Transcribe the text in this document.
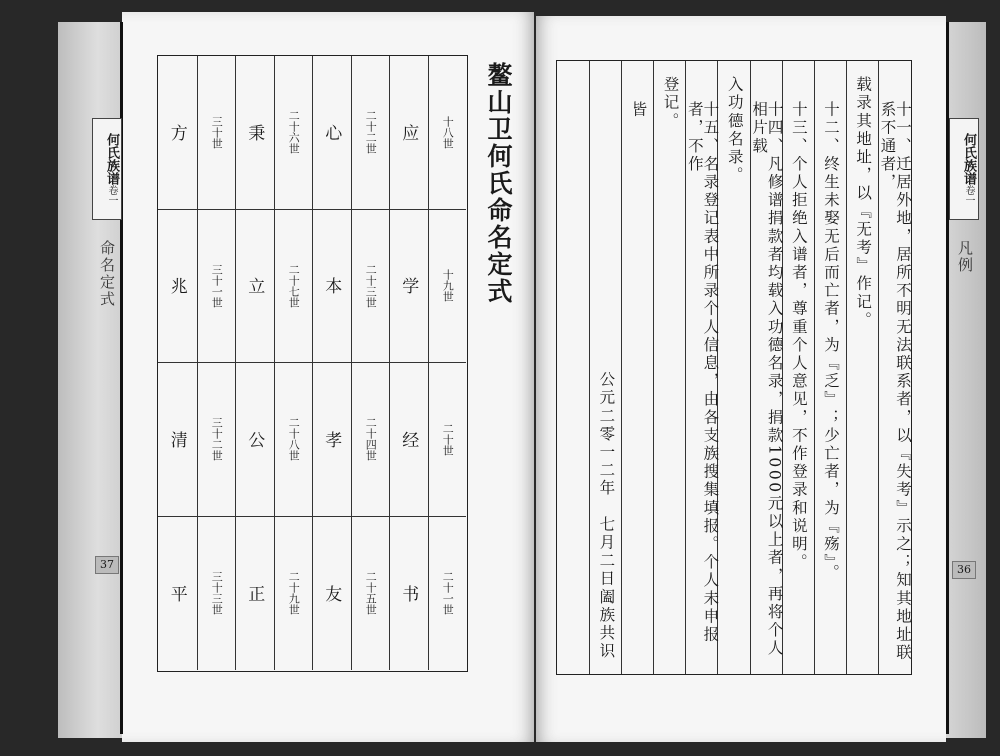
何氏族谱卷一
命名定式
37
何氏族谱卷一
凡例
36
鳌山卫何氏命名定式
十八世
十九世
二十世
二十一世
应
学
经
书
二十二世
二十三世
二十四世
二十五世
心
本
孝
友
二十六世
二十七世
二十八世
二十九世
秉
立
公
正
三十世
三十一世
三十二世
三十三世
方
兆
清
平	十一、迁居外地，居所不明无法联系者，以『失考』示之；知其地址联系不通者，
载录其地址，以『无考』作记。
十二、终生未娶无后而亡者，为『乏』；少亡者，为『殇』。
十三、个人拒绝入谱者，尊重个人意见，不作登录和说明。
十四、凡修谱捐款者均载入功德名录，捐款1000元以上者，再将个人相片载
入功德名录。
十五、名录登记表中所录个人信息，由各支族搜集填报。个人未申报者，不作
登记。
皆
公元二零一二年　七月二日阖族共识
